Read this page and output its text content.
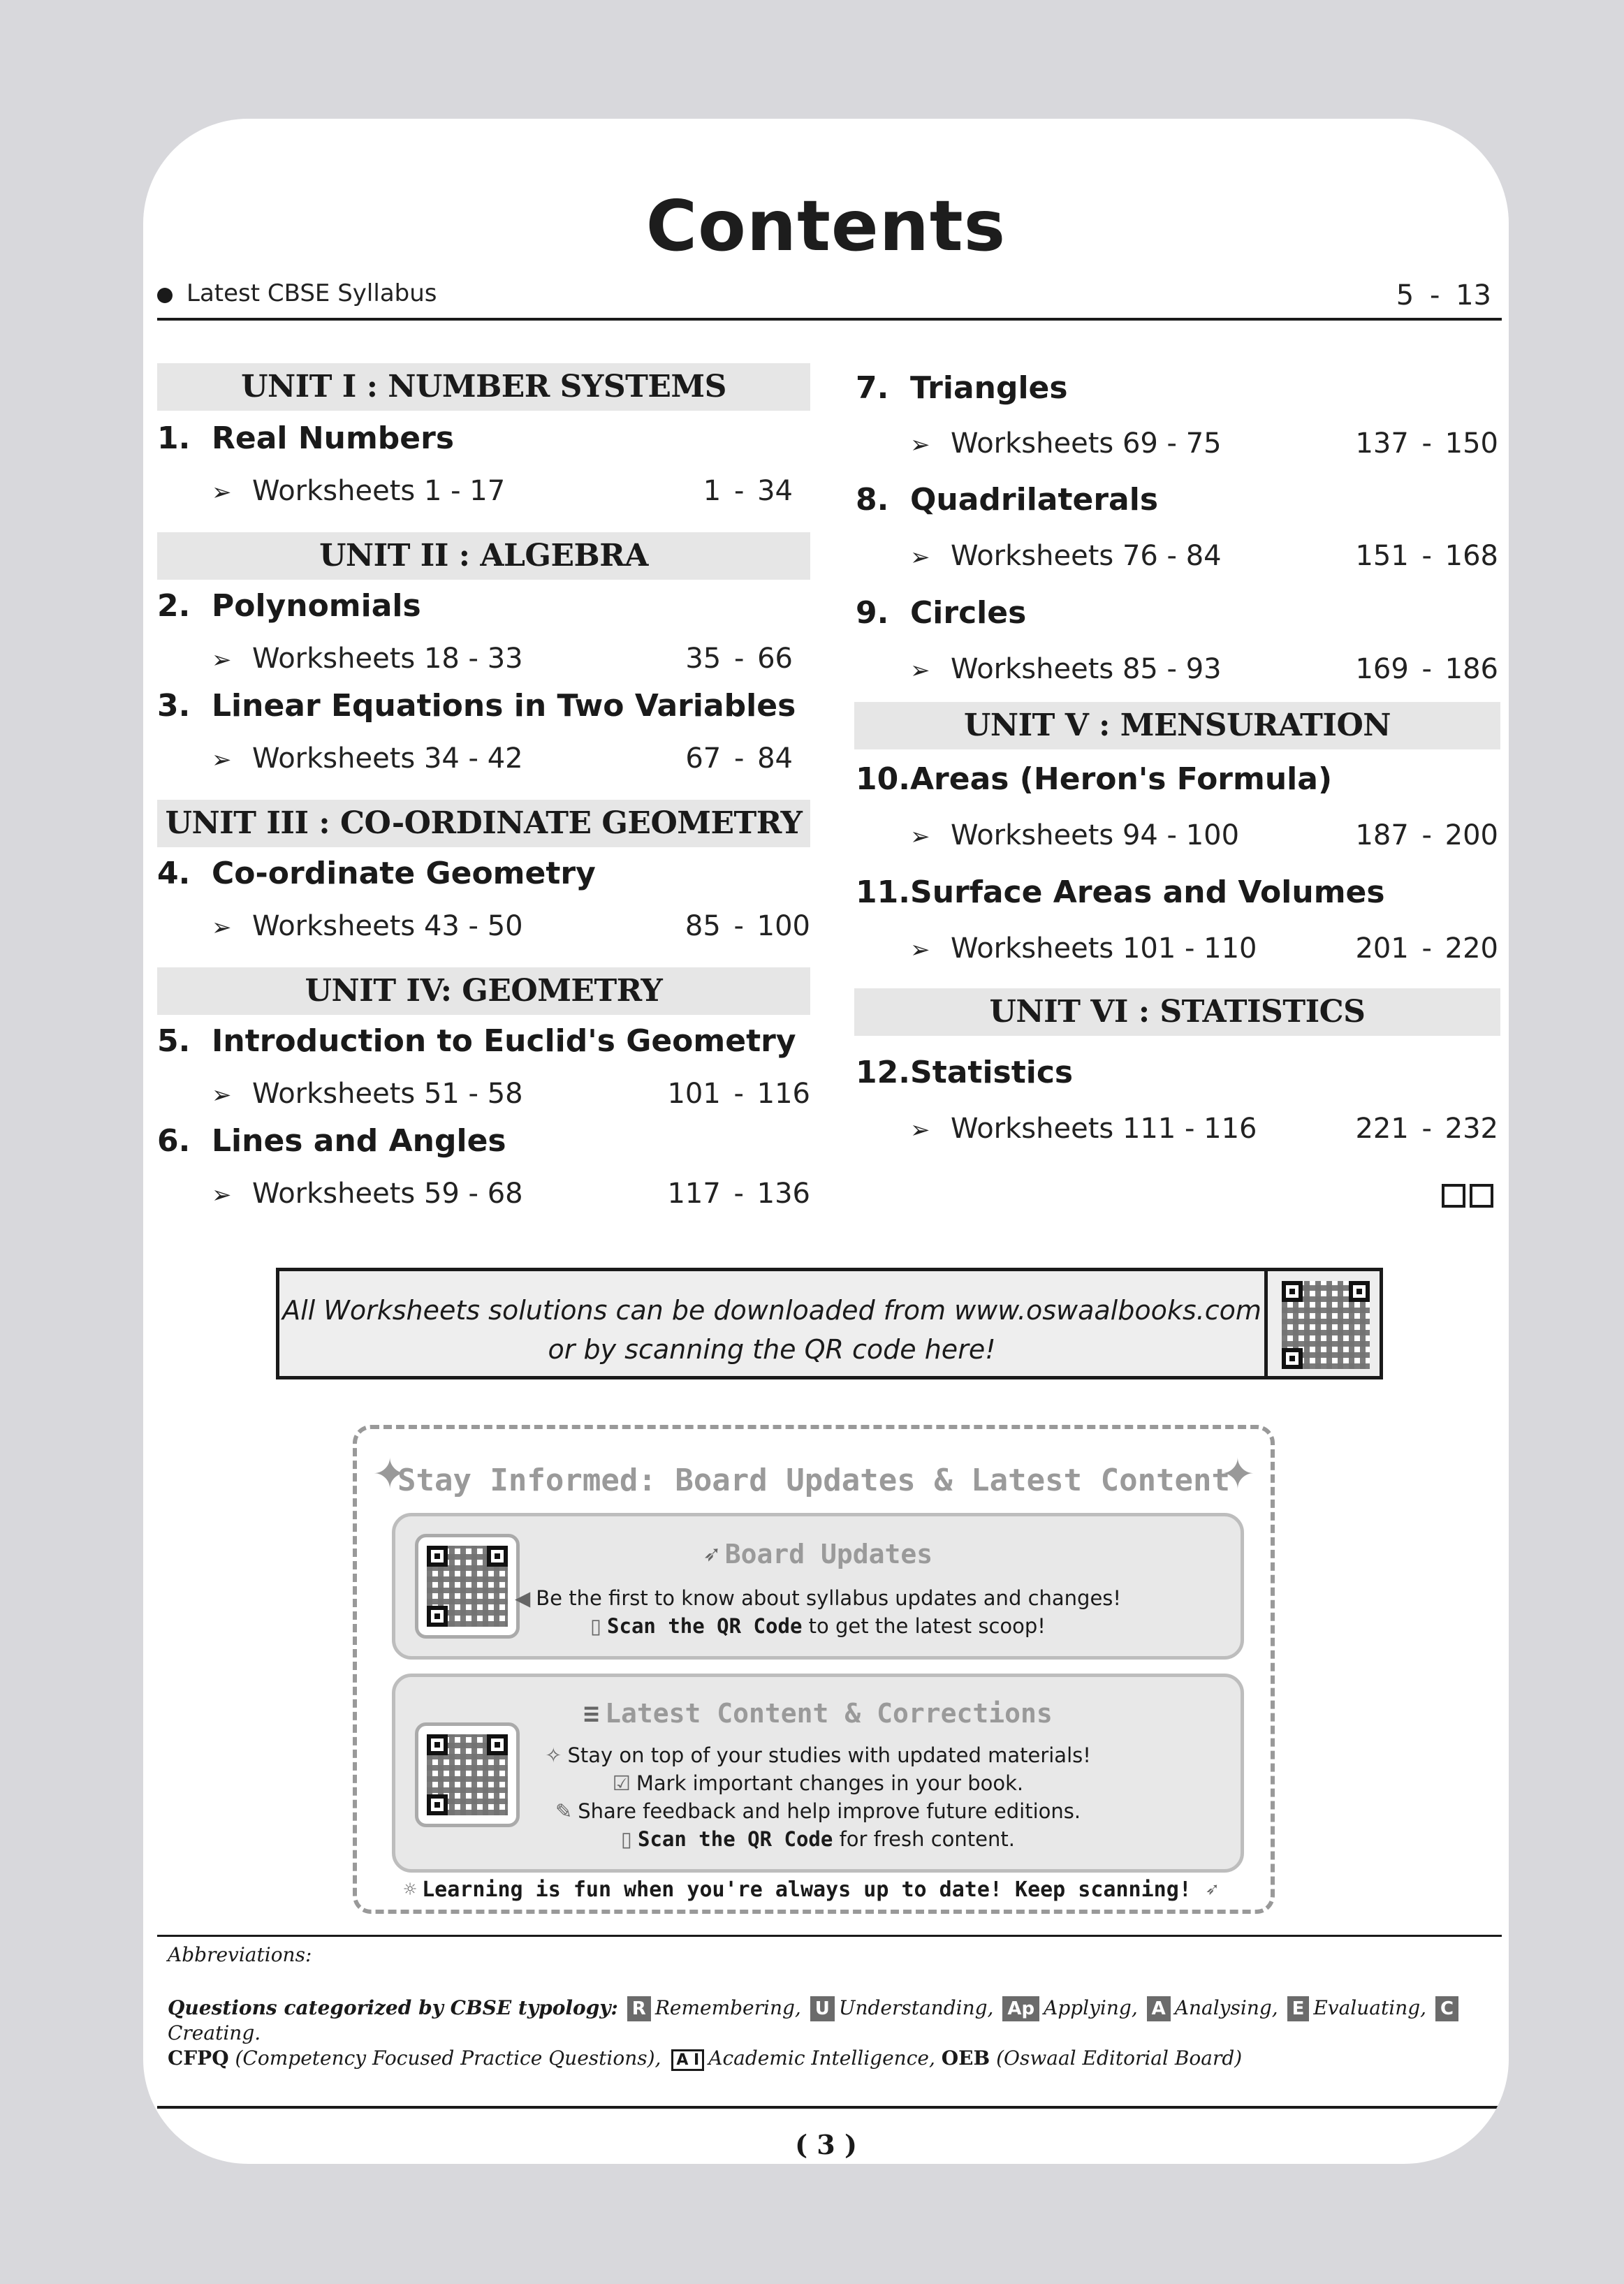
Contents
Latest CBSE Syllabus	5 - 13
UNIT I : NUMBER SYSTEMS
1. Real Numbers
➢ Worksheets 1 - 17	1 - 34
UNIT II : ALGEBRA
2. Polynomials
➢ Worksheets 18 - 33	35 - 66
3. Linear Equations in Two Variables
➢ Worksheets 34 - 42	67 - 84
UNIT III : CO-ORDINATE GEOMETRY
4. Co-ordinate Geometry
➢ Worksheets 43 - 50	85 - 100
UNIT IV: GEOMETRY
5. Introduction to Euclid's Geometry
➢ Worksheets 51 - 58	101 - 116
6. Lines and Angles
➢ Worksheets 59 - 68	117 - 136
7. Triangles
➢ Worksheets 69 - 75	137 - 150
8. Quadrilaterals
➢ Worksheets 76 - 84	151 - 168
9. Circles
➢ Worksheets 85 - 93	169 - 186
UNIT V : MENSURATION
10.Areas (Heron's Formula)
➢ Worksheets 94 - 100	187 - 200
11.Surface Areas and Volumes
➢ Worksheets 101 - 110	201 - 220
UNIT VI : STATISTICS
12.Statistics
➢ Worksheets 111 - 116	221 - 232
All Worksheets solutions can be downloaded from www.oswaalbooks.com
or by scanning the QR code here!
✦	✦
Stay Informed: Board Updates & Latest Content
➶ Board Updates
◀ Be the first to know about syllabus updates and changes!
▯ Scan the QR Code to get the latest scoop!
≡ Latest Content & Corrections
✧ Stay on top of your studies with updated materials!
☑ Mark important changes in your book.
✎ Share feedback and help improve future editions.
▯ Scan the QR Code for fresh content.
☼ Learning is fun when you're always up to date! Keep scanning! ➶
Abbreviations:
Questions categorized by CBSE typology: R Remembering, U Understanding, Ap Applying, A Analysing, E Evaluating, CCreating.
CFPQ (Competency Focused Practice Questions), A I Academic Intelligence, OEB (Oswaal Editorial Board)
( 3 )
